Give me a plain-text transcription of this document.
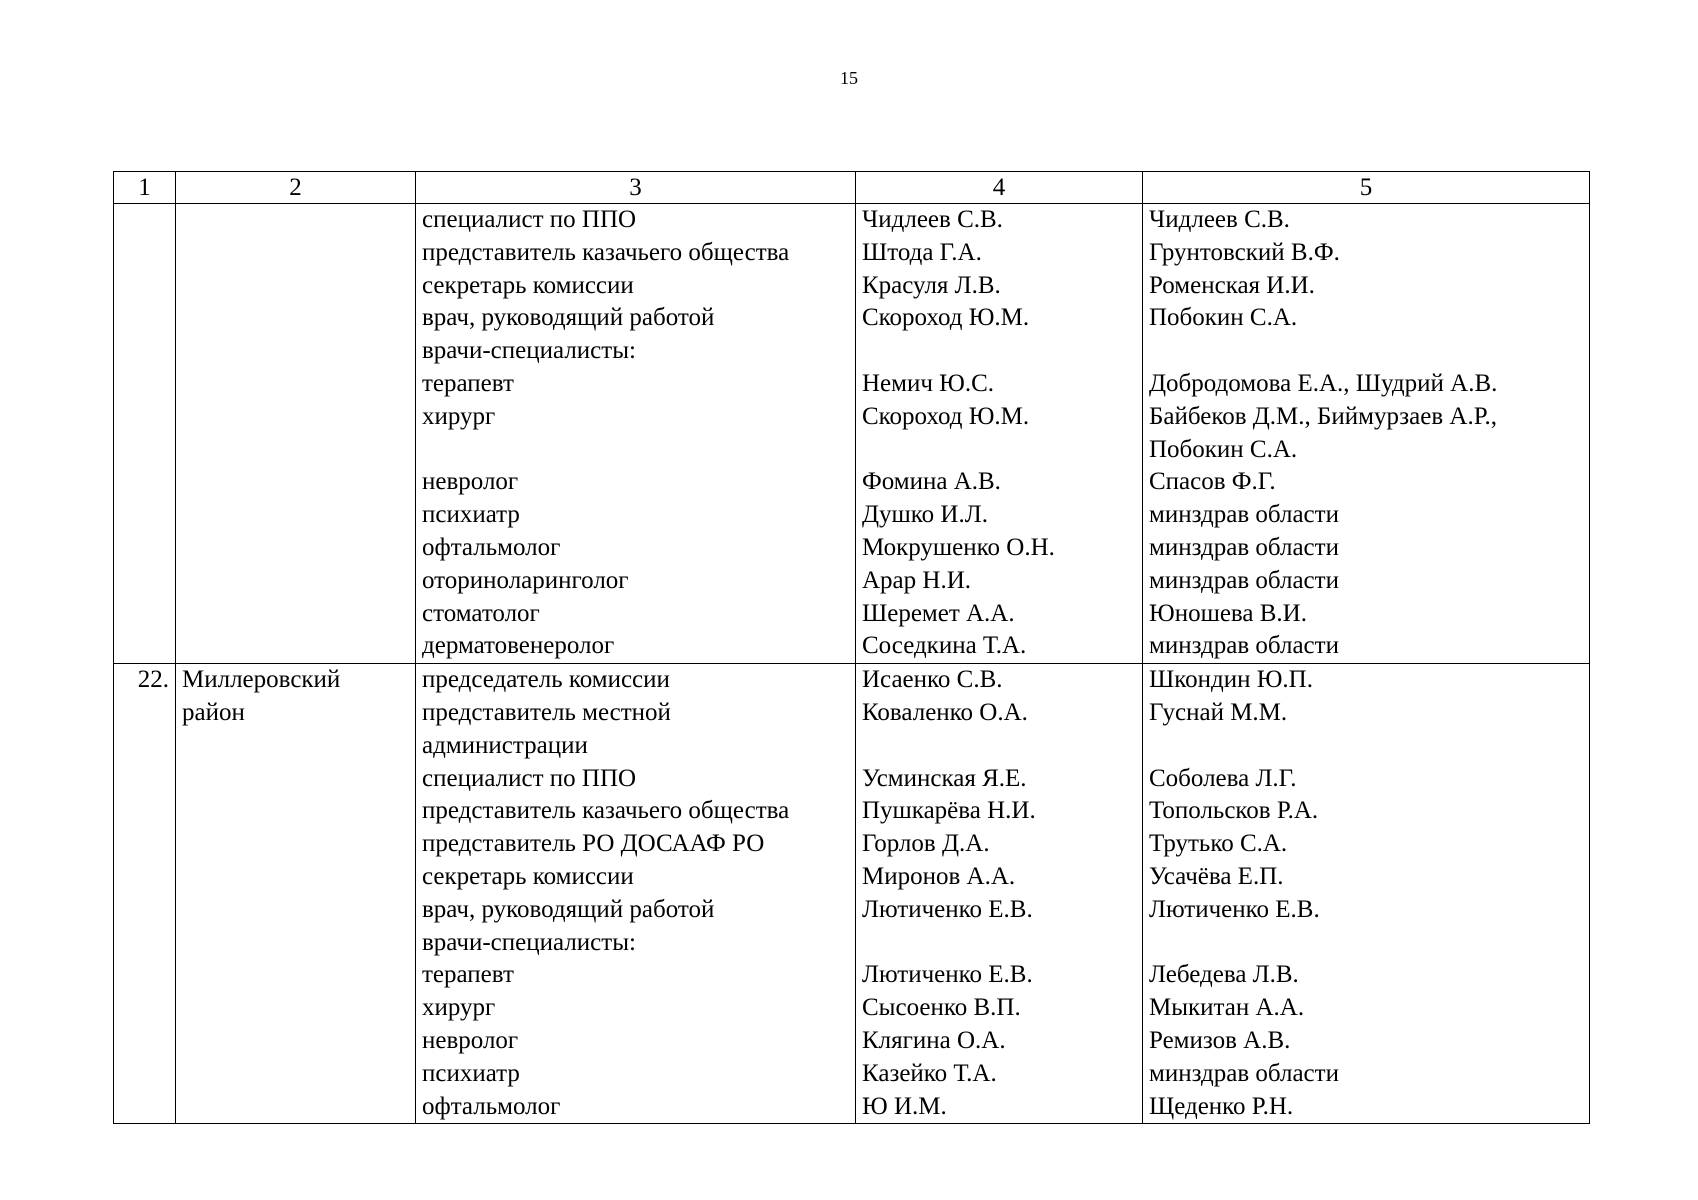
15
1	2	3	4	5
		специалист по ППО	Чидлеев С.В.	Чидлеев С.В.
		представитель казачьего общества	Штода Г.А.	Грунтовский В.Ф.
		секретарь комиссии	Красуля Л.В.	Роменская И.И.
		врач, руководящий работой	Скороход Ю.М.	Побокин С.А.
		врачи-специалисты:		
		терапевт	Немич Ю.С.	Добродомова Е.А., Шудрий А.В.
		хирург	Скороход Ю.М.	Байбеков Д.М., Биймурзаев А.Р.,
				Побокин С.А.
		невролог	Фомина А.В.	Спасов Ф.Г.
		психиатр	Душко И.Л.	минздрав области
		офтальмолог	Мокрушенко О.Н.	минздрав области
		оториноларинголог	Арар Н.И.	минздрав области
		стоматолог	Шеремет А.А.	Юношева В.И.
		дерматовенеролог	Соседкина Т.А.	минздрав области
22.	Миллеровский	председатель комиссии	Исаенко С.В.	Шкондин Ю.П.
	район	представитель местной	Коваленко О.А.	Гуснай М.М.
		администрации		
		специалист по ППО	Усминская Я.Е.	Соболева Л.Г.
		представитель казачьего общества	Пушкарёва Н.И.	Топольсков Р.А.
		представитель РО ДОСААФ РО	Горлов Д.А.	Трутько С.А.
		секретарь комиссии	Миронов А.А.	Усачёва Е.П.
		врач, руководящий работой	Лютиченко Е.В.	Лютиченко Е.В.
		врачи-специалисты:		
		терапевт	Лютиченко Е.В.	Лебедева Л.В.
		хирург	Сысоенко В.П.	Мыкитан А.А.
		невролог	Клягина О.А.	Ремизов А.В.
		психиатр	Казейко Т.А.	минздрав области
		офтальмолог	Ю И.М.	Щеденко Р.Н.
